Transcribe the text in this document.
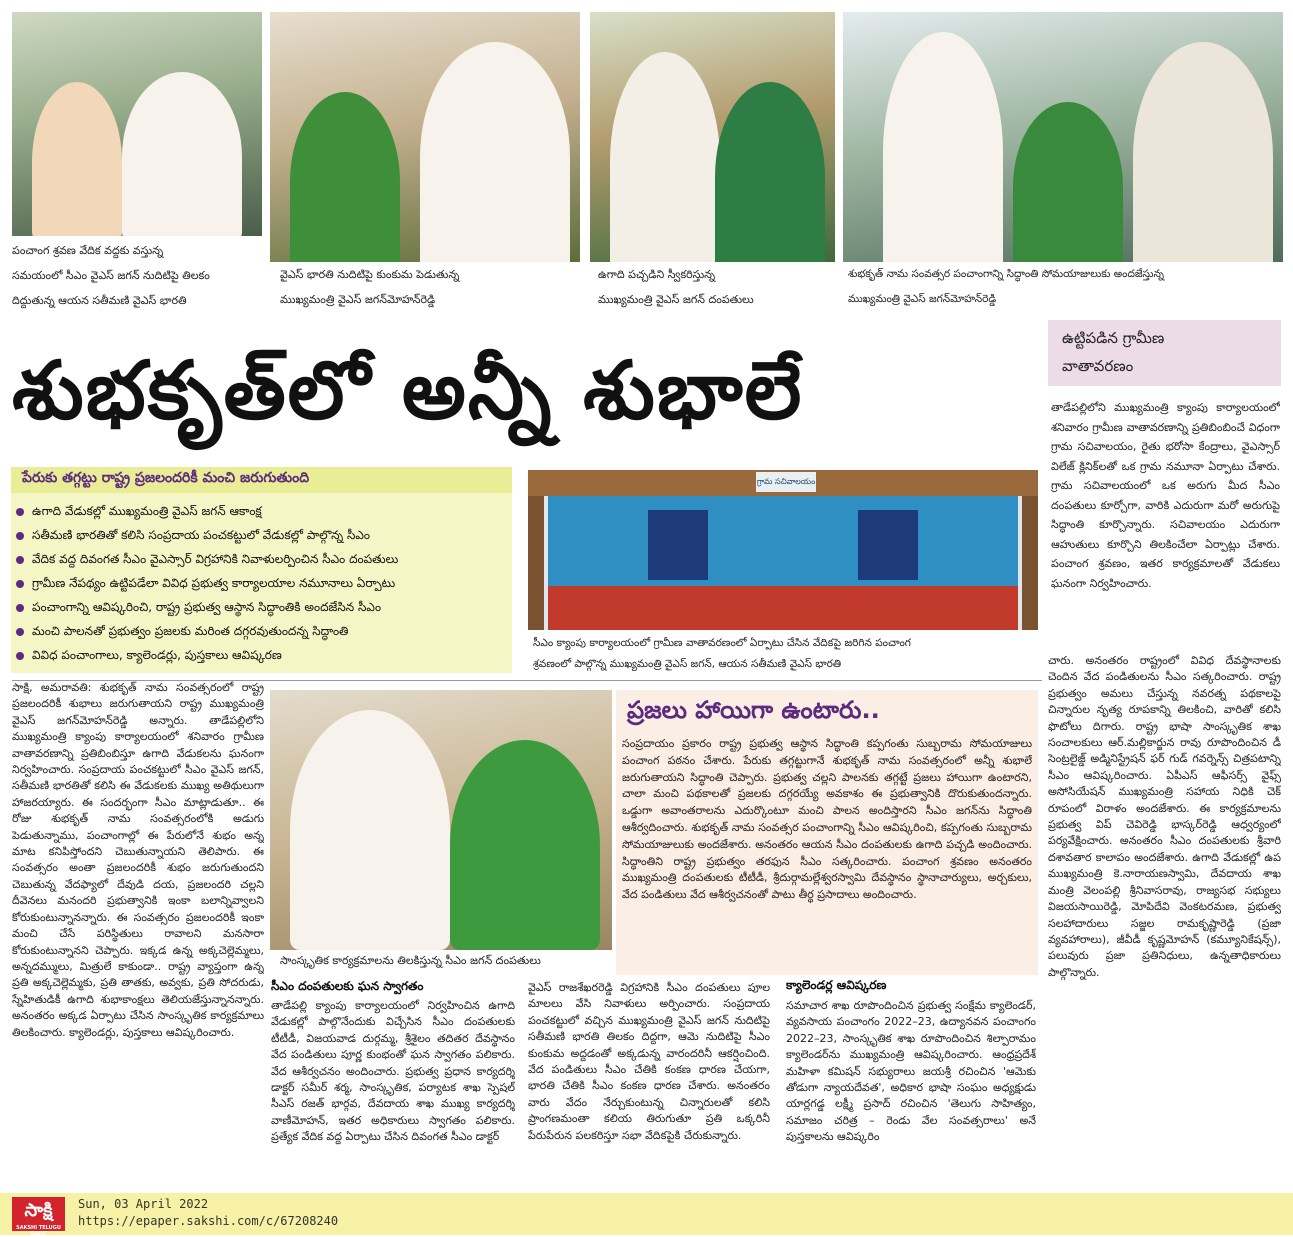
పంచాంగ శ్రవణ వేదిక వద్దకు వస్తున్న
సమయంలో సీఎం వైఎస్ జగన్ నుదిటిపై తిలకం
దిద్దుతున్న ఆయన సతీమణి వైఎస్ భారతి
వైఎస్ భారతి నుదిటిపై కుంకుమ పెడుతున్న
ముఖ్యమంత్రి వైఎస్ జగన్‌మోహన్‌రెడ్డి
ఉగాది పచ్చడిని స్వీకరిస్తున్న
ముఖ్యమంత్రి వైఎస్ జగన్ దంపతులు
శుభకృత్ నామ సంవత్సర పంచాంగాన్ని సిద్ధాంతి సోమయాజులుకు అందజేస్తున్న
ముఖ్యమంత్రి వైఎస్ జగన్‌మోహన్‌రెడ్డి
శుభకృత్‌లో అన్నీ శుభాలే
ఉట్టిపడిన గ్రామీణ
వాతావరణం

తాడేపల్లిలోని ముఖ్యమంత్రి క్యాంపు కార్యాలయంలో శనివారం గ్రామీణ వాతావరణాన్ని ప్రతిబింబించే విధంగా గ్రామ సచివాలయం, రైతు భరోసా కేంద్రాలు, వైఎస్సార్ విలేజ్ క్లినిక్‌లతో ఒక గ్రామ నమూనా ఏర్పాటు చేశారు. గ్రామ సచివాలయంలో ఒక అరుగు మీద సీఎం దంపతులు కూర్చోగా, వారికి ఎదురుగా మరో అరుగుపై సిద్ధాంతి కూర్చొన్నారు. సచివాలయం ఎదురుగా ఆహుతులు కూర్చొని తిలకించేలా ఏర్పాట్లు చేశారు. పంచాంగ శ్రవణం, ఇతర కార్యక్రమాలతో వేడుకలు ఘనంగా నిర్వహించారు.

పేరుకు తగ్గట్టు రాష్ట్ర ప్రజలందరికీ మంచి జరుగుతుంది
ఉగాది వేడుకల్లో ముఖ్యమంత్రి వైఎస్ జగన్ ఆకాంక్ష
సతీమణి భారతితో కలిసి సంప్రదాయ పంచకట్టులో వేడుకల్లో పాల్గొన్న సీఎం
వేదిక వద్ద దివంగత సీఎం వైఎస్సార్ విగ్రహానికి నివాళులర్పించిన సీఎం దంపతులు
గ్రామీణ నేపథ్యం ఉట్టిపడేలా వివిధ ప్రభుత్వ కార్యాలయాల నమూనాలు ఏర్పాటు
పంచాంగాన్ని ఆవిష్కరించి, రాష్ట్ర ప్రభుత్వ ఆస్థాన సిద్ధాంతికి అందజేసిన సీఎం
మంచి పాలనతో ప్రభుత్వం ప్రజలకు మరింత దగ్గరవుతుందన్న సిద్ధాంతి
వివిధ పంచాంగాలు, క్యాలెండర్లు, పుస్తకాలు ఆవిష్కరణ
గ్రామ సచివాలయం
సీఎం క్యాంపు కార్యాలయంలో గ్రామీణ వాతావరణంలో ఏర్పాటు చేసిన వేదికపై జరిగిన పంచాంగ
శ్రవణంలో పాల్గొన్న ముఖ్యమంత్రి వైఎస్ జగన్, ఆయన సతీమణి వైఎస్ భారతి

సాక్షి, అమరావతి: శుభకృత్ నామ సంవత్సరంలో రాష్ట్ర ప్రజలందరికీ శుభాలు జరుగుతాయని రాష్ట్ర ముఖ్యమంత్రి వైఎస్ జగన్‌మోహన్‌రెడ్డి అన్నారు. తాడేపల్లిలోని ముఖ్యమంత్రి క్యాంపు కార్యాలయంలో శనివారం గ్రామీణ వాతావరణాన్ని ప్రతిబింబిస్తూ ఉగాది వేడుకలను ఘనంగా నిర్వహించారు. సంప్రదాయ పంచకట్టులో సీఎం వైఎస్ జగన్, సతీమణి భారతితో కలిసి ఈ వేడుకలకు ముఖ్య అతిథులుగా హాజరయ్యారు. ఈ సందర్భంగా సీఎం మాట్లాడుతూ.. ఈ రోజు శుభకృత్ నామ సంవత్సరంలోకి అడుగు పెడుతున్నాము, పంచాంగాల్లో ఈ పేరులోనే శుభం అన్న మాట కనిపిస్తోందని చెబుతున్నాయని తెలిపారు. ఈ సంవత్సరం అంతా ప్రజలందరికీ శుభం జరుగుతుందని చెబుతున్న వేదఫ్యాలో దేవుడి దయ, ప్రజలందరి చల్లని దీవెనలు మనందరి ప్రభుత్వానికి ఇంకా బలాన్నివ్వాలని కోరుకుంటున్నానన్నారు. ఈ సంవత్సరం ప్రజలందరికీ ఇంకా మంచి చేసే పరిస్థితులు రావాలని మనసారా కోరుకుంటున్నానని చెప్పారు. ఇక్కడ ఉన్న అక్కచెల్లెమ్మలు, అన్నదమ్ములు, మిత్రులే కాకుండా.. రాష్ట్ర వ్యాప్తంగా ఉన్న ప్రతి అక్కచెల్లెమ్మకు, ప్రతి తాతకు, అవ్వకు, ప్రతి సోదరుడు, స్నేహితుడికీ ఉగాది శుభాకాంక్షలు తెలియజేస్తున్నానన్నారు. అనంతరం అక్కడ ఏర్పాటు చేసిన సాంస్కృతిక కార్యక్రమాలు తిలకించారు. క్యాలెండర్లు, పుస్తకాలు ఆవిష్కరించారు.

సాంస్కృతిక కార్యక్రమాలను తిలకిస్తున్న సీఎం జగన్ దంపతులు
ప్రజలు హాయిగా ఉంటారు..

సంప్రదాయం ప్రకారం రాష్ట్ర ప్రభుత్వ ఆస్థాన సిద్ధాంతి కప్పగంతు సుబ్బరామ సోమయాజులు పంచాంగ పఠనం చేశారు. పేరుకు తగ్గట్టుగానే శుభకృత్ నామ సంవత్సరంలో అన్నీ శుభాలే జరుగుతాయని సిద్ధాంతి చెప్పారు. ప్రభుత్వ చల్లని పాలనకు తగ్గట్టే ప్రజలు హాయిగా ఉంటారని, చాలా మంచి పథకాలతో ప్రజలకు దగ్గరయ్యే అవకాశం ఈ ప్రభుత్వానికి దొరుకుతుందన్నారు. ఒడ్డుగా అవాంతరాలను ఎదుర్కొంటూ మంచి పాలన అందిస్తారని సీఎం జగన్‌ను సిద్ధాంతి ఆశీర్వదించారు. శుభకృత్ నామ సంవత్సర పంచాంగాన్ని సీఎం ఆవిష్కరించి, కప్పగంతు సుబ్బరామ సోమయాజులుకు అందజేశారు. అనంతరం ఆయన సీఎం దంపతులకు ఉగాది పచ్చడి అందించారు. సిద్ధాంతిని రాష్ట్ర ప్రభుత్వం తరఫున సీఎం సత్కరించారు. పంచాంగ శ్రవణం అనంతరం ముఖ్యమంత్రి దంపతులకు టీటీడీ, శ్రీదుర్గామల్లేశ్వరస్వామి దేవస్థానం స్థానాచార్యులు, అర్చకులు, వేద పండితులు వేద ఆశీర్వచనంతో పాటు తీర్థ ప్రసాదాలు అందించారు.

సీఎం దంపతులకు ఘన స్వాగతం

తాడేపల్లి క్యాంపు కార్యాలయంలో నిర్వహించిన ఉగాది వేడుకల్లో పాల్గొనేందుకు విచ్చేసిన సీఎం దంపతులకు టీటీడీ, విజయవాడ దుర్గమ్మ, శ్రీశైలం తదితర దేవస్థానం వేద పండితులు పూర్ణ కుంభంతో ఘన స్వాగతం పలికారు. వేద ఆశీర్వచనం అందించారు. ప్రభుత్వ ప్రధాన కార్యదర్శి డాక్టర్ సమీర్ శర్మ, సాంస్కృతిక, పర్యాటక శాఖ స్పెషల్ సీఎస్ రజత్ భార్గవ, దేవదాయ శాఖ ముఖ్య కార్యదర్శి వాణీమోహన్, ఇతర అధికారులు స్వాగతం పలికారు. ప్రత్యేక వేదిక వద్ద ఏర్పాటు చేసిన దివంగత సీఎం డాక్టర్

వైఎస్ రాజశేఖరరెడ్డి విగ్రహానికి సీఎం దంపతులు పూల మాలలు వేసి నివాళులు అర్పించారు. సంప్రదాయ పంచకట్టులో వచ్చిన ముఖ్యమంత్రి వైఎస్ జగన్ నుదిటిపై సతీమణి భారతి తిలకం దిద్దగా, ఆమె నుదిటిపై సీఎం కుంకుమ అద్దడంతో అక్కడున్న వారందరినీ ఆకర్షించింది. వేద పండితులు సీఎం చేతికి కంకణ ధారణ చేయగా, భారతి చేతికి సీఎం కంకణ ధారణ చేశారు. అనంతరం వారు వేదం నేర్చుకుంటున్న చిన్నారులతో కలిసి ప్రాంగణమంతా కలియ తిరుగుతూ ప్రతి ఒక్కరినీ పేరుపేరున పలకరిస్తూ సభా వేదికపైకి చేరుకున్నారు.

క్యాలెండర్ల ఆవిష్కరణ

సమాచార శాఖ రూపొందించిన ప్రభుత్వ సంక్షేమ క్యాలెండర్, వ్యవసాయ పంచాంగం 2022–23, ఉద్యానవన పంచాంగం 2022–23, సాంస్కృతిక శాఖ రూపొందించిన శిల్పారామం క్యాలెండర్‌ను ముఖ్యమంత్రి ఆవిష్కరించారు. ఆంధ్రప్రదేశ్ మహిళా కమిషన్ సభ్యురాలు జయశ్రీ రచించిన 'ఆమెకు తోడుగా న్యాయదేవత', అధికార భాషా సంఘం అధ్యక్షుడు యార్లగడ్డ లక్ష్మీ ప్రసాద్ రచించిన 'తెలుగు సాహిత్యం, సమాజం చరిత్ర – రెండు వేల సంవత్సరాలు' అనే పుస్తకాలను ఆవిష్కరిం

చారు. అనంతరం రాష్ట్రంలో వివిధ దేవస్థానాలకు చెందిన వేద పండితులను సీఎం సత్కరించారు. రాష్ట్ర ప్రభుత్వం అమలు చేస్తున్న నవరత్న పథకాలపై చిన్నారుల నృత్య రూపకాన్ని తిలకించి, వారితో కలిసి ఫొటోలు దిగారు. రాష్ట్ర భాషా సాంస్కృతిక శాఖ సంచాలకులు ఆర్.మల్లికార్జున రావు రూపొందించిన డీ సెంట్రలైజ్డ్ అడ్మినిస్ట్రేషన్ ఫర్ గుడ్ గవర్నెన్స్ చిత్రపటాన్ని సీఎం ఆవిష్కరించారు. ఏపీఎస్ ఆఫీసర్స్ వైఫ్స్ అసోసియేషన్ ముఖ్యమంత్రి సహాయ నిధికి చెక్ రూపంలో విరాళం అందజేశారు. ఈ కార్యక్రమాలను ప్రభుత్వ విప్ చెవిరెడ్డి భాస్కర్‌రెడ్డి ఆధ్వర్యంలో పర్యవేక్షించారు. అనంతరం సీఎం దంపతులకు శ్రీవారి దశావతార కాలాపం అందజేశారు. ఉగాది వేడుకల్లో ఉప ముఖ్యమంత్రి కె.నారాయణస్వామి, దేవదాయ శాఖ మంత్రి వెలంపల్లి శ్రీనివాసరావు, రాజ్యసభ సభ్యులు విజయసాయిరెడ్డి, మోపిదేవి వెంకటరమణ, ప్రభుత్వ సలహాదారులు సజ్జల రామకృష్ణారెడ్డి (ప్రజా వ్యవహారాలు), జీవీడీ కృష్ణమోహన్ (కమ్యూనికేషన్స్), పలువురు ప్రజా ప్రతినిధులు, ఉన్నతాధికారులు పాల్గొన్నారు.

సాక్షి
SAKSHI TELUGU DAILY
Sun, 03 April 2022
https://epaper.sakshi.com/c/67208240
